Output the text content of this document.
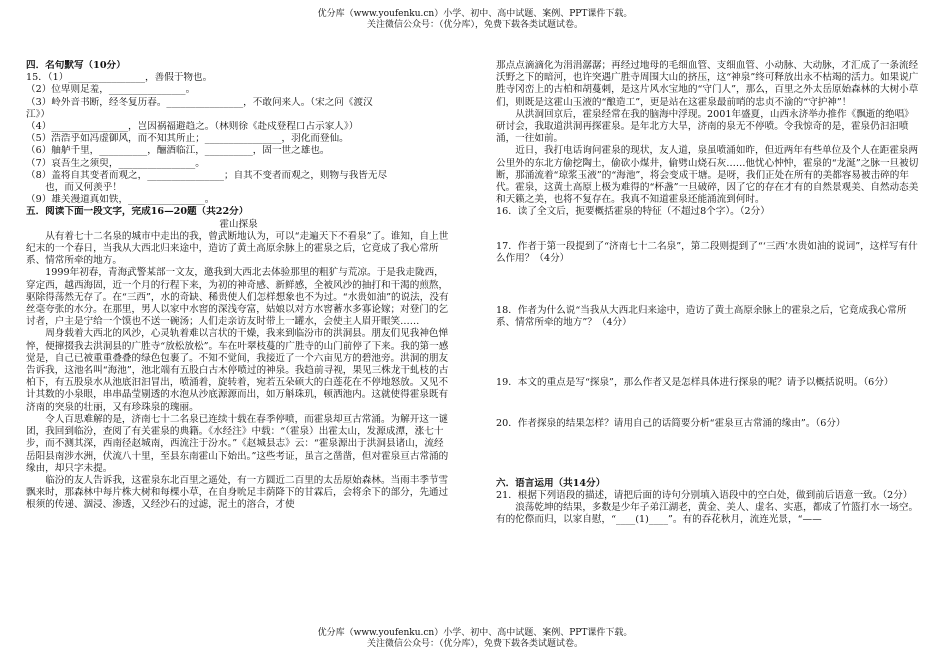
优分库（www.youfenku.cn）小学、初中、高中试题、案例、PPT课件下载。
关注微信公众号：（优分库），免费下载各类试题试卷。
四．名句默写（10分）
15．（1）________________，善假于物也。
（2）位卑则足羞，________________。
（3）岭外音书断，经冬复历春。________________，不敢问来人。（宋之问《渡汉
江》）
（4）________________，岂因祸福避趋之。（林则徐《赴戍登程口占示家人》）
（5）浩浩乎如冯虚御风，而不知其所止；________________，羽化而登仙。
（6）舳舻千里，__________，酾酒临江，__________，固一世之雄也。
（7）哀吾生之须臾，________________。
（8）盖将自其变者而观之，________________；自其不变者而观之，则物与我皆无尽
也，而又何羡乎！
（9）雄关漫道真如铁，________________。
五．阅读下面一段文字，完成16—20题（共22分）
霍山探泉
从有着七十二名泉的城市中走出的我，曾武断地认为，可以“走遍天下不看泉”了。谁知，自上世纪末的一个春日，当我从大西北归来途中，造访了黄土高原余脉上的霍泉之后，它竟成了我心常所系、情常所牵的地方。
1999年初春，青海武警某部一文友，邀我到大西北去体验那里的粗犷与荒凉。于是我走陇西，穿定西，越西海固，近一个月的行程下来，为初的神奇感、新鲜感，全被风沙的抽打和干渴的煎熬，驱除得荡然无存了。在“三西”，水的奇缺、稀贵使人们怎样想象也不为过。“水贵如油”的说法，没有丝毫夸张的水分。在那里，男人以家中水窖的深浅夸富，姑娘以对方水窖蓄水多寡论嫁；对登门的乞讨者，户主是宁给一个馍也不送一碗汤；人们走亲访友时带上一罐水，会使主人眉开眼笑……
周身载着大西北的风沙，心灵轨着难以言状的干燥，我来到临汾市的洪洞县。朋友们见我神色惮悴，便撺掇我去洪洞县的广胜寺“放松放松”。车在叶翠枝蔓的广胜寺的山门前停了下来。我的第一感觉是，自己已被重重叠叠的绿色包裹了。不知不觉间，我接近了一个六亩见方的碧池旁。洪洞的朋友告诉我，这池名叫“海池”，池北端有五股白古木停喷过的神泉。我趋前寻视，果见三株龙干虬枝的古柏下，有五股泉水从池底汩汩冒出，喷涌着，旋转着，宛若五朵硕大的白莲花在不停地怒放。又见不计其数的小泉眼，串串晶莹剔透的水泡从沙底源源而出，如万斛珠玑，顿洒池内。这就使得霍泉既有济南的突泉的壮丽，又有珍珠泉的瑰丽。
令人百思难解的是，济南七十二名泉已连续十载在春季停喷，而霍泉却亘古常涌。为解开这一谜团，我回到临汾，查阅了有关霍泉的典籍。《水经注》中载：“（霍泉）出霍太山，发源成潭，涨七十步，而不测其深，西南径赵城南，西流注于汾水。”《赵城县志》云：“霍泉源出于洪洞县诸山，流经岳阳县南涉水洲，伏流八十里，至县东南霍山下始出。”这些考证，虽言之凿凿，但对霍泉亘古常涌的缘由，却只字未提。
临汾的友人告诉我，这霍泉东北百里之遥处，有一方圆近二百里的太岳原始森林。当雨丰季节雪飘来时，那森林中每片株大树和每棵小草，在自身吮足丰荫降下的甘霖后，会将余下的部分，先通过根须的传递、涸浸、渗透，又经沙石的过滤，泥土的溶合，才使
那点点滴滴化为涓涓潺潺；再经过地母的毛细血管、支细血管、小动脉、大动脉，才汇成了一条流经沃野之下的暗河，也许突遇广胜寺周围大山的挤压，这“神泉”终可释放出永不枯竭的活力。如果说广胜寺冈峦上的古柏和胡蔓刺，是这片风水宝地的“守门人”，那么，百里之外太岳原始森林的大树小草们，则既是这霍山玉液的“酿造工”，更是站在这霍泉最前哨的忠贞不渝的“守护神”！
从洪洞回京后，霍泉经常在我的脑海中浮现。2001年盛夏，山西永济举办推作《飘逝的绝唱》研讨会，我取道洪洞再探霍泉。是年北方大旱，济南的泉无不停喷。令我惊奇的是，霍泉仍汩汩喷涌，一往如前。
近日，我打电话询问霍泉的现状，友人道，泉虽喷涌如昨，但近两年有些单位及个人在距霍泉两公里外的东北方偷挖陶土，偷砍小煤井，偷劈山烧石灰……他忧心忡忡，霍泉的“龙涎”之脉一旦被切断，那涌流着“琼浆玉液”的“海池”，将会变成干塘。是呀，我们正处在所有的美都容易被击碎的年代。霍泉，这黄土高原上极为难得的“杯盏”一旦破碎，因了它的存在才有的自然景观美、自然动态美和天籁之美，也将不复存在。我真不知道霍泉还能涌流到何时。
16．读了全文后，扼要概括霍泉的特征（不超过8个字）。（2分）
17．作者于第一段提到了“济南七十二名泉”，第二段则提到了“‘三西’水贵如油的说词”，这样写有什么作用？（4分）
18．作者为什么说“当我从大西北归来途中，造访了黄土高原余脉上的霍泉之后，它竟成我心常所系、情常所牵的地方”？（4分）
19．本文的重点是写“探泉”，那么作者又是怎样具体进行探泉的呢？请予以概括说明。（6分）
20．作者探泉的结果怎样？请用自己的话简要分析“霍泉亘古常涌的缘由”。（6分）
六．语言运用（共14分）
21．根据下列语段的描述，请把后面的诗句分别填入语段中的空白处，做到前后语意一致。（2分）
浪荡乾坤的结果，多数是少年子弟江湖老，黄金、美人、虚名、实惠，都成了竹篮打水一场空。有的佗傺而归，以家自慰，“____(1)____”。有的吞花秋月，流连光景，“——
优分库（www.youfenku.cn）小学、初中、高中试题、案例、PPT课件下载。
关注微信公众号：（优分库），免费下载各类试题试卷。
